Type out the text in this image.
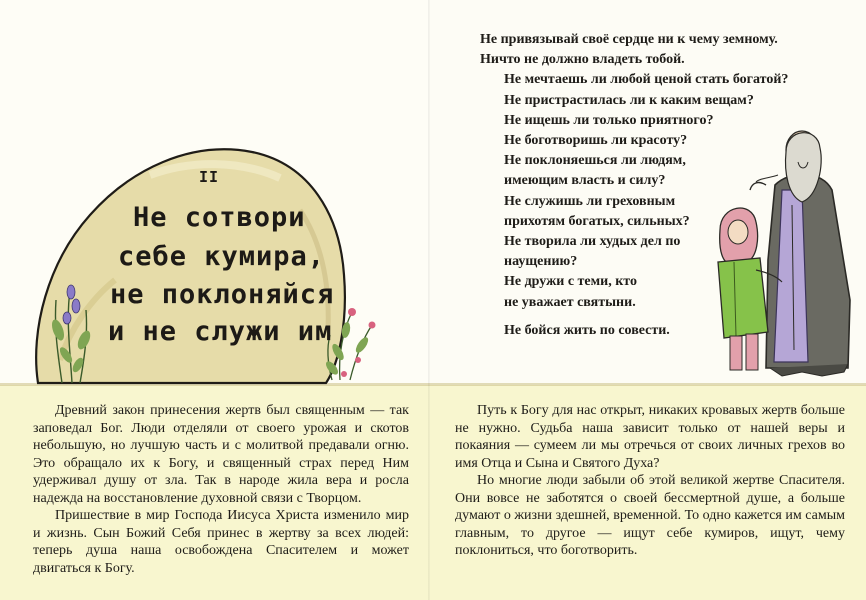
II
Не сотвори
себе кумира,
не поклоняйся
и не служи им

Древний закон принесения жертв был священным — так заповедал Бог. Люди отделяли от своего урожая и скотов небольшую, но лучшую часть и с молитвой предавали огню. Это обращало их к Богу, и священный страх перед Ним удерживал душу от зла. Так в народе жила вера и росла надежда на восстановление духовной связи с Творцом.

Пришествие в мир Господа Иисуса Христа изменило мир и жизнь. Сын Божий Себя принес в жертву за всех людей: теперь душа наша освобождена Спасителем и может двигаться к Богу.

Не привязывай своё сердце ни к чему земному.
Ничто не должно владеть тобой.
Не мечтаешь ли любой ценой стать богатой?
Не пристрастилась ли к каким вещам?
Не ищешь ли только приятного?
Не боготворишь ли красоту?
Не поклоняешься ли людям,
имеющим власть и силу?
Не служишь ли греховным
прихотям богатых, сильных?
Не творила ли худых дел по
наущению?
Не дружи с теми, кто
не уважает святыни.
Не бойся жить по совести.

Путь к Богу для нас открыт, никаких кровавых жертв больше не нужно. Судьба наша зависит только от нашей веры и покаяния — сумеем ли мы отречься от своих личных грехов во имя Отца и Сына и Святого Духа?

Но многие люди забыли об этой великой жертве Спасителя. Они вовсе не заботятся о своей бессмертной душе, а больше думают о жизни здешней, временной. То одно кажется им самым главным, то другое — ищут себе кумиров, ищут, чему поклониться, что боготворить.
